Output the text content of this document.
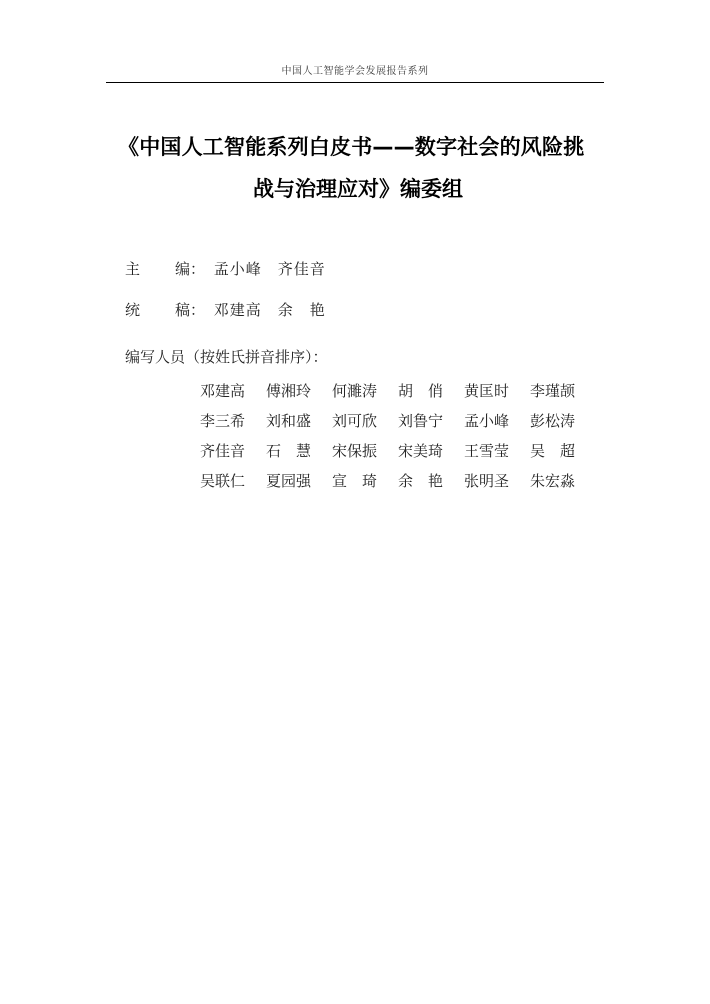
中国人工智能学会发展报告系列
《中国人工智能系列白皮书——数字社会的风险挑
战与治理应对》编委组
主 编： 孟小峰　齐佳音
统 稿： 邓建高　余　艳
编写人员（按姓氏拼音排序）：
邓建高	傅湘玲	何濉涛	胡　俏	黄匡时	李瑾颉
李三希	刘和盛	刘可欣	刘鲁宁	孟小峰	彭松涛
齐佳音	石　慧	宋保振	宋美琦	王雪莹	吴　超
吴联仁	夏园强	宣　琦	余　艳	张明圣	朱宏淼
